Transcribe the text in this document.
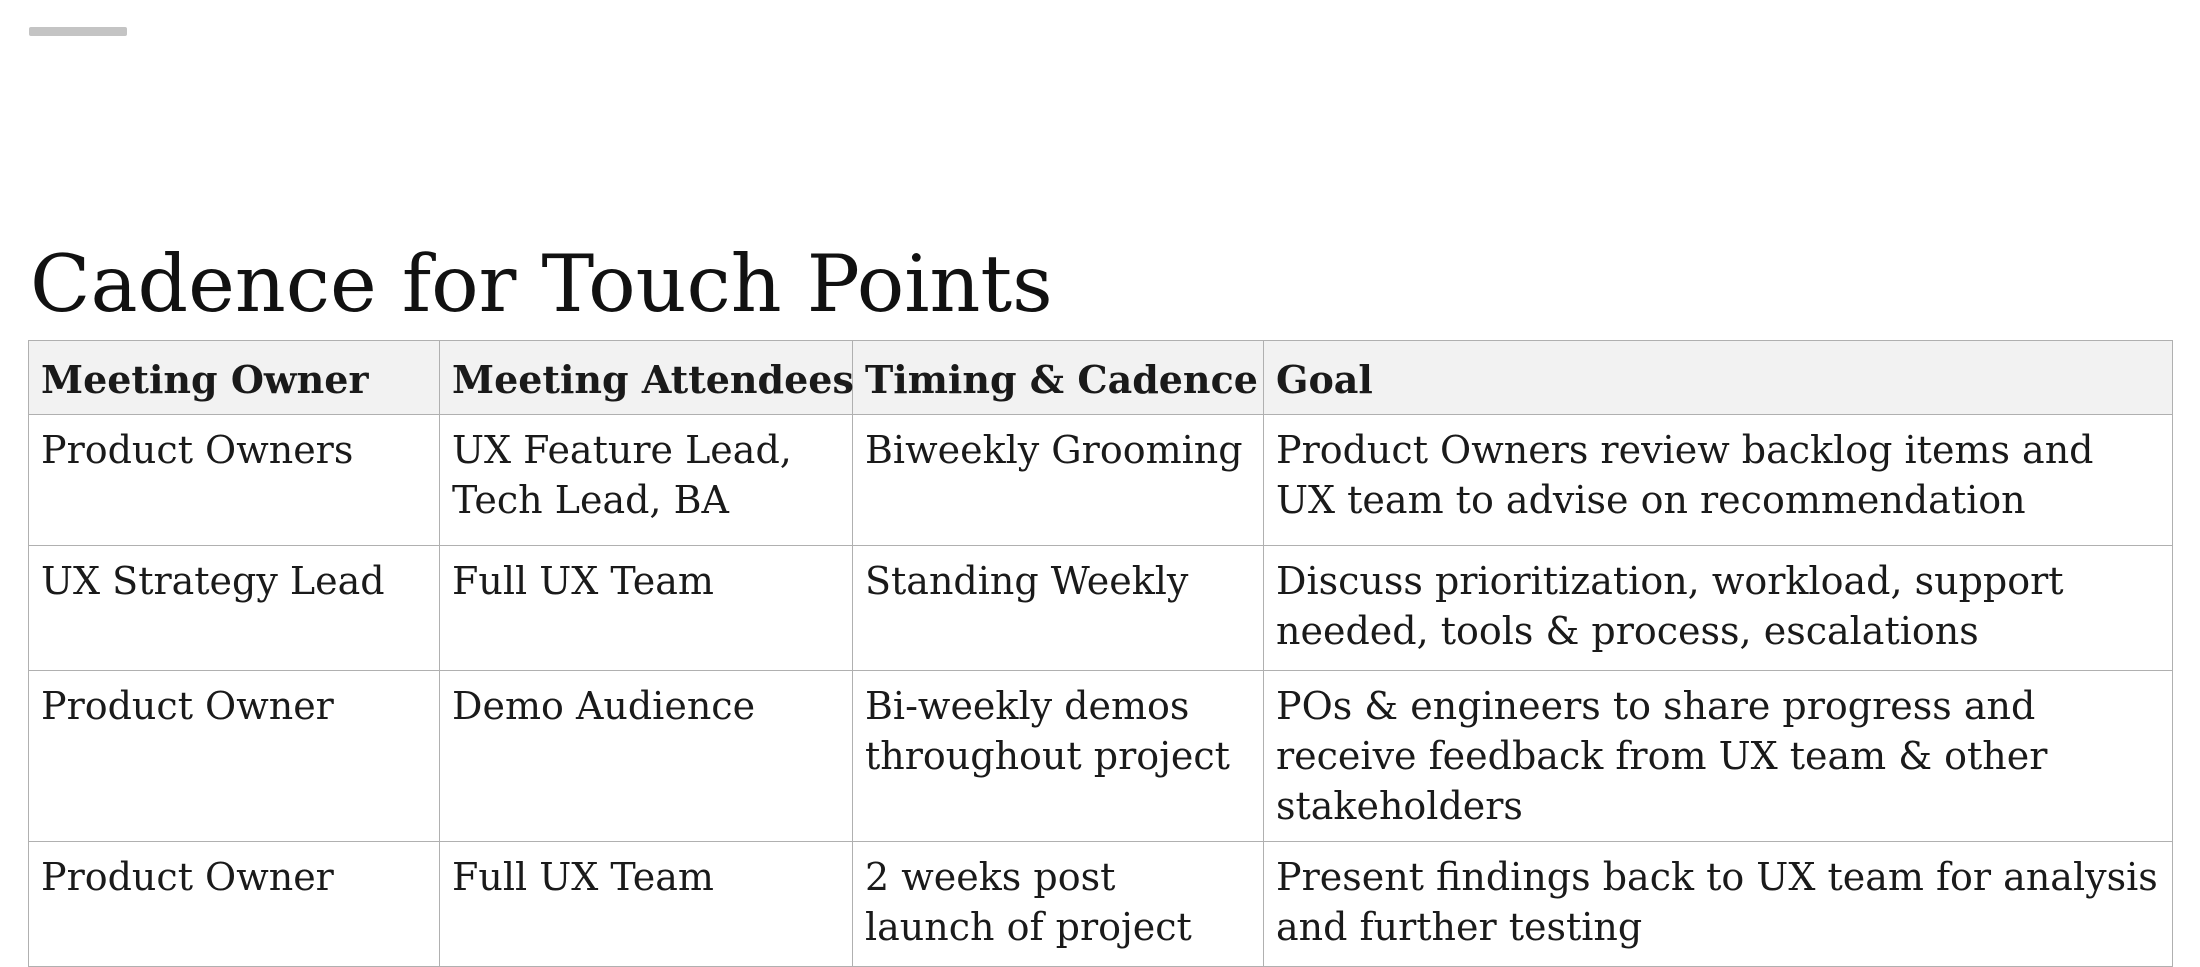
Cadence for Touch Points
Meeting Owner	Meeting Attendees	Timing & Cadence	Goal
Product Owners	UX Feature Lead, Tech Lead, BA	Biweekly Grooming	Product Owners review backlog items and UX team to advise on recommendation
UX Strategy Lead	Full UX Team	Standing Weekly	Discuss prioritization, workload, support needed, tools & process, escalations
Product Owner	Demo Audience	Bi-weekly demos throughout project	POs & engineers to share progress and receive feedback from UX team & other stakeholders
Product Owner	Full UX Team	2 weeks post launch of project	Present findings back to UX team for analysis and further testing
